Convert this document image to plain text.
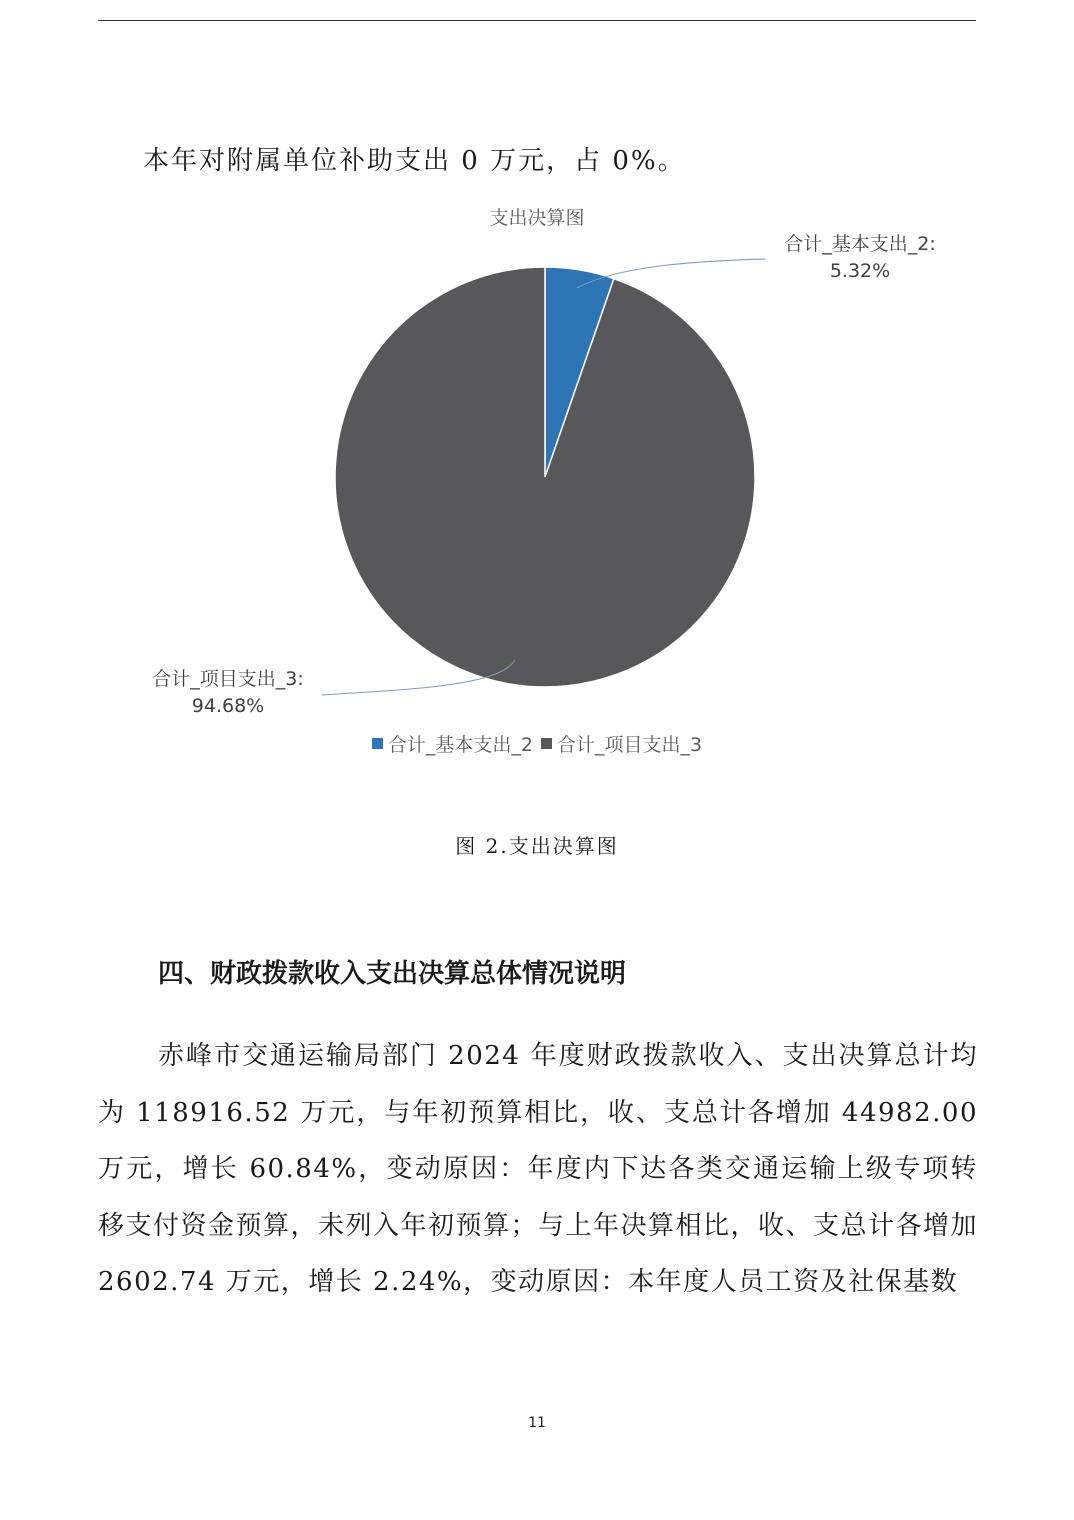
本年对附属单位补助支出 0 万元，占 0%。
支出决算图
合计_基本支出_2:
5.32%
合计_项目支出_3:
94.68%
合计_基本支出_2 合计_项目支出_3
图 2.支出决算图
四、财政拨款收入支出决算总体情况说明

赤峰市交通运输局部门 2024 年度财政拨款收入、支出决算总计均为 118916.52 万元，与年初预算相比，收、支总计各增加 44982.00 万元，增长 60.84%，变动原因：年度内下达各类交通运输上级专项转移支付资金预算，未列入年初预算；与上年决算相比，收、支总计各增加 2602.74 万元，增长 2.24%，变动原因：本年度人员工资及社保基数

11
